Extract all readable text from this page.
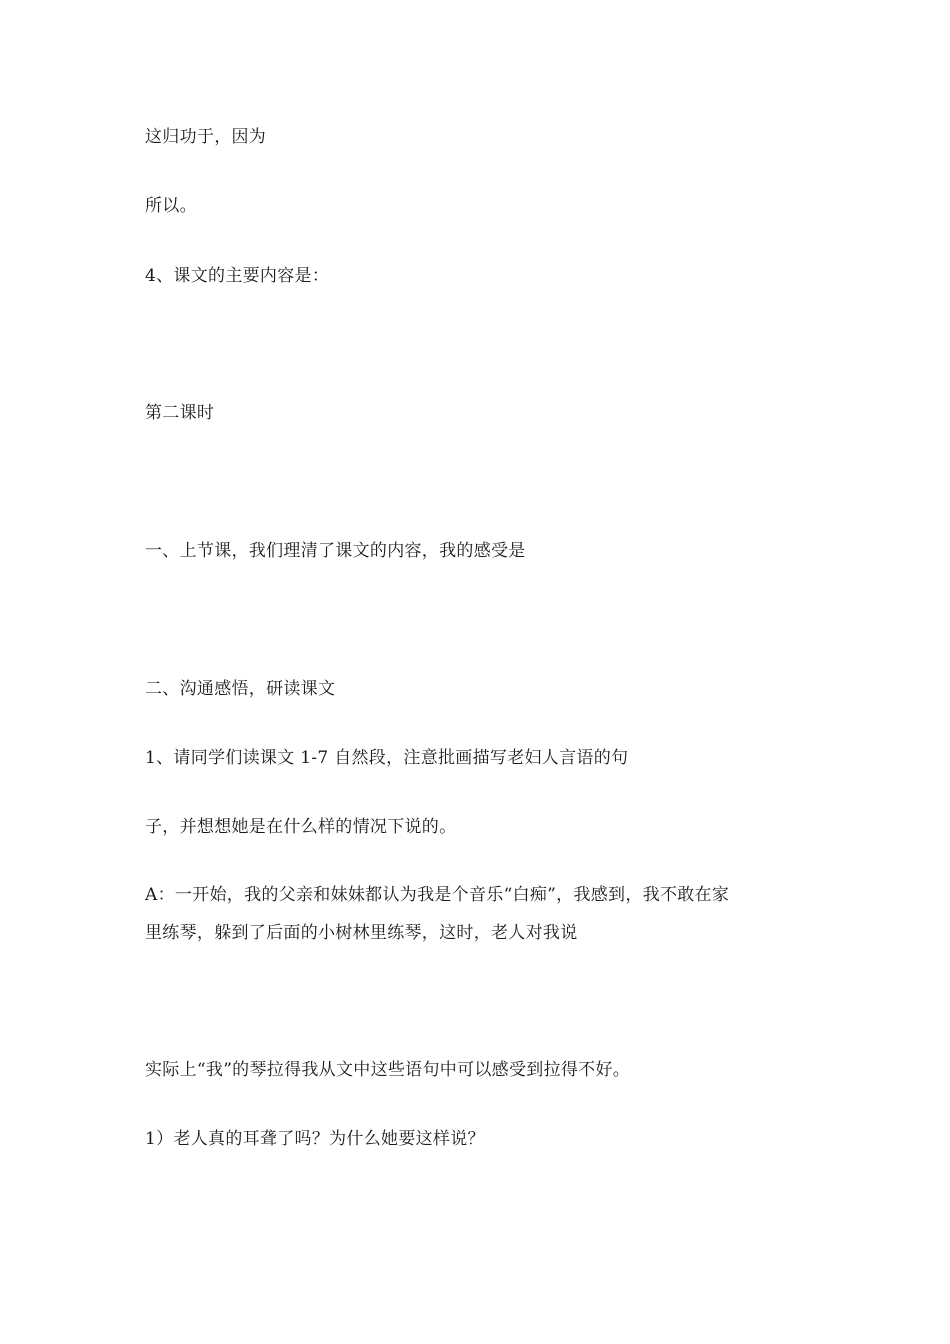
这归功于，因为
所以。
4、课文的主要内容是：
第二课时
一、上节课，我们理清了课文的内容，我的感受是
二、沟通感悟，研读课文
1、请同学们读课文 1-7 自然段，注意批画描写老妇人言语的句
子，并想想她是在什么样的情况下说的。
A：一开始，我的父亲和妹妹都认为我是个音乐“白痴”，我感到，我不敢在家
里练琴，躲到了后面的小树林里练琴，这时，老人对我说
实际上“我”的琴拉得我从文中这些语句中可以感受到拉得不好。
1）老人真的耳聋了吗？为什么她要这样说？
